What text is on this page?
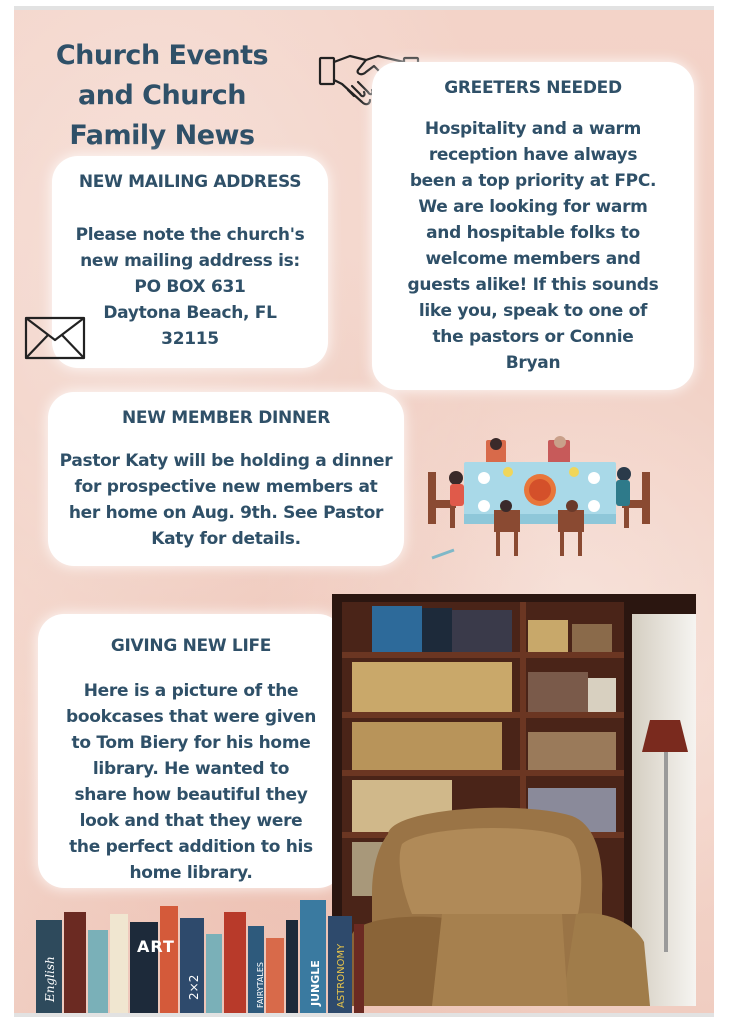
Church Events
and Church
Family News
NEW MAILING ADDRESS
Please note the church's
new mailing address is:
PO BOX 631
Daytona Beach, FL
32115
GREETERS NEEDED
Hospitality and a warm
reception have always
been a top priority at FPC.
We are looking for warm
and hospitable folks to
welcome members and
guests alike! If this sounds
like you, speak to one of
the pastors or Connie
Bryan
NEW MEMBER DINNER
Pastor Katy will be holding a dinner
for prospective new members at
her home on Aug. 9th. See Pastor
Katy for details.
GIVING NEW LIFE
Here is a picture of the
bookcases that were given
to Tom Biery for his home
library. He wanted to
share how beautiful they
look and that they were
the perfect addition to his
home library.
English
ART
2×2	FAIRYTALES	JUNGLE ASTRONOMY
